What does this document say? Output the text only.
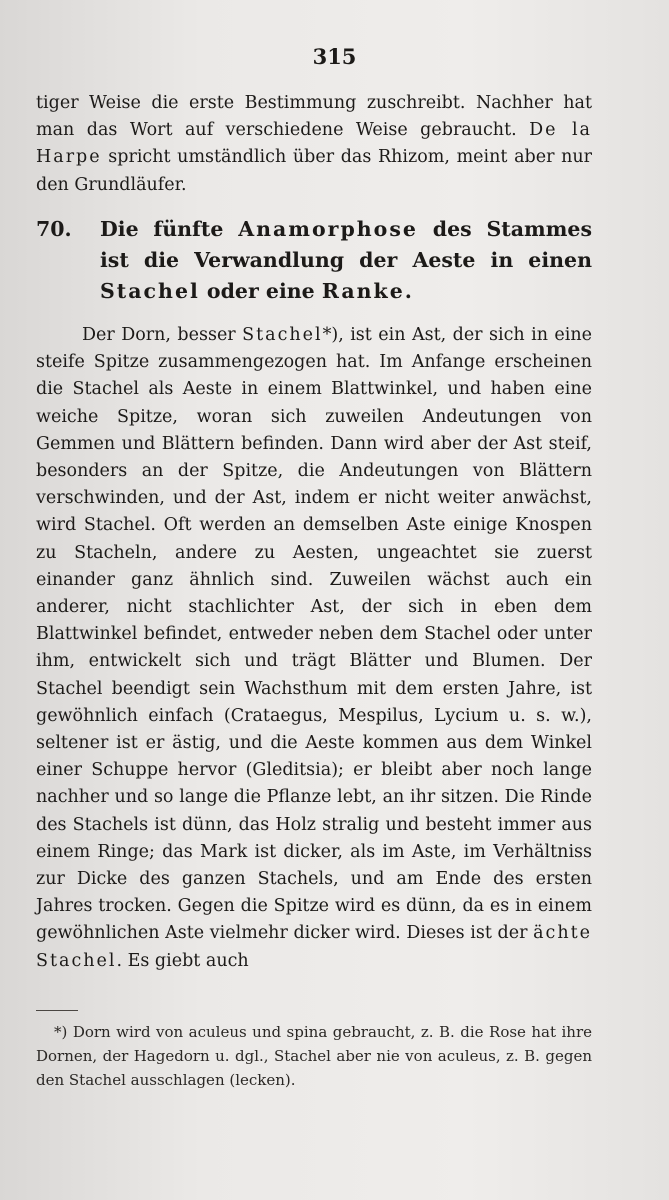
315
tiger Weise die erste Bestimmung zuschreibt. Nachher hat man das Wort auf verschiedene Weise gebraucht. De la Harpe spricht umständlich über das Rhizom, meint aber nur den Grundläufer.
70. Die fünfte Anamorphose des Stammes ist die Verwandlung der Aeste in einen Stachel oder eine Ranke.
Der Dorn, besser Stachel*), ist ein Ast, der sich in eine steife Spitze zusammengezogen hat. Im Anfange erscheinen die Stachel als Aeste in einem Blattwinkel, und haben eine weiche Spitze, woran sich zuweilen Andeutungen von Gemmen und Blättern befinden. Dann wird aber der Ast steif, besonders an der Spitze, die Andeutungen von Blättern verschwinden, und der Ast, indem er nicht weiter anwächst, wird Stachel. Oft werden an demselben Aste einige Knospen zu Stacheln, andere zu Aesten, ungeachtet sie zuerst einander ganz ähnlich sind. Zuweilen wächst auch ein anderer, nicht stachlichter Ast, der sich in eben dem Blattwinkel befindet, entweder neben dem Stachel oder unter ihm, entwickelt sich und trägt Blätter und Blumen. Der Stachel beendigt sein Wachsthum mit dem ersten Jahre, ist gewöhnlich einfach (Crataegus, Mespilus, Lycium u. s. w.), seltener ist er ästig, und die Aeste kommen aus dem Winkel einer Schuppe hervor (Gleditsia); er bleibt aber noch lange nachher und so lange die Pflanze lebt, an ihr sitzen. Die Rinde des Stachels ist dünn, das Holz stralig und besteht immer aus einem Ringe; das Mark ist dicker, als im Aste, im Verhältniss zur Dicke des ganzen Stachels, und am Ende des ersten Jahres trocken. Gegen die Spitze wird es dünn, da es in einem gewöhnlichen Aste vielmehr dicker wird. Dieses ist der ächte Stachel. Es giebt auch
*) Dorn wird von aculeus und spina gebraucht, z. B. die Rose hat ihre Dornen, der Hagedorn u. dgl., Stachel aber nie von aculeus, z. B. gegen den Stachel ausschlagen (lecken).
